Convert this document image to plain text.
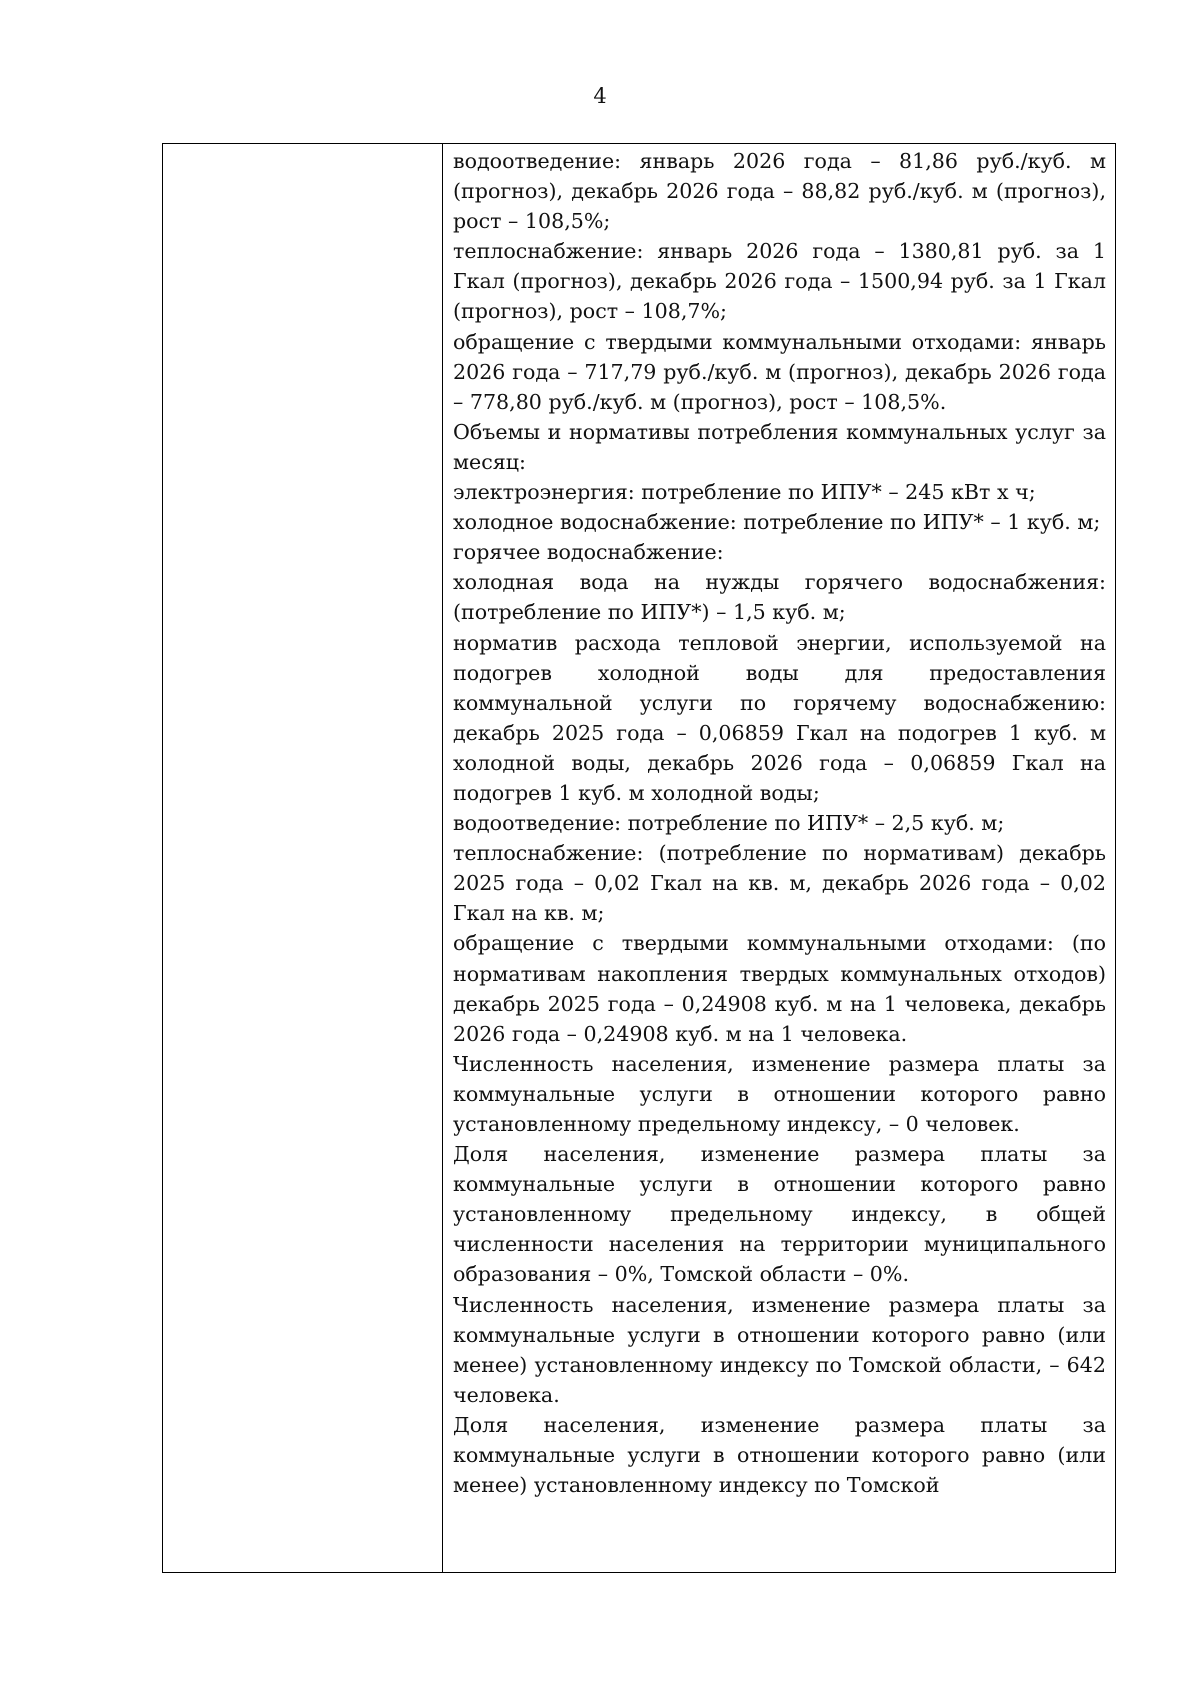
4

водоотведение: январь 2026 года – 81,86 руб./куб. м (прогноз), декабрь 2026 года – 88,82 руб./куб. м (прогноз), рост – 108,5%;

теплоснабжение: январь 2026 года – 1380,81 руб. за 1 Гкал (прогноз), декабрь 2026 года – 1500,94 руб. за 1 Гкал (прогноз), рост – 108,7%;

обращение с твердыми коммунальными отходами: январь 2026 года – 717,79 руб./куб. м (прогноз), декабрь 2026 года – 778,80 руб./куб. м (прогноз), рост – 108,5%.

Объемы и нормативы потребления коммунальных услуг за месяц:

электроэнергия: потребление по ИПУ* – 245 кВт х ч;

холодное водоснабжение: потребление по ИПУ* – 1 куб. м;

горячее водоснабжение:

холодная вода на нужды горячего водоснабжения: (потребление по ИПУ*) – 1,5 куб. м;

норматив расхода тепловой энергии, используемой на подогрев холодной воды для предоставления коммунальной услуги по горячему водоснабжению: декабрь 2025 года – 0,06859 Гкал на подогрев 1 куб. м холодной воды, декабрь 2026 года – 0,06859 Гкал на подогрев 1 куб. м холодной воды;

водоотведение: потребление по ИПУ* – 2,5 куб. м;

теплоснабжение: (потребление по нормативам) декабрь 2025 года – 0,02 Гкал на кв. м, декабрь 2026 года – 0,02 Гкал на кв. м;

обращение с твердыми коммунальными отходами: (по нормативам накопления твердых коммунальных отходов) декабрь 2025 года – 0,24908 куб. м на 1 человека, декабрь 2026 года – 0,24908 куб. м на 1 человека.

Численность населения, изменение размера платы за коммунальные услуги в отношении которого равно установленному предельному индексу, – 0 человек.

Доля населения, изменение размера платы за коммунальные услуги в отношении которого равно установленному предельному индексу, в общей численности населения на территории муниципального образования – 0%, Томской области – 0%.

Численность населения, изменение размера платы за коммунальные услуги в отношении которого равно (или менее) установленному индексу по Томской области, – 642 человека.

Доля населения, изменение размера платы за коммунальные услуги в отношении которого равно (или менее) установленному индексу по Томской
